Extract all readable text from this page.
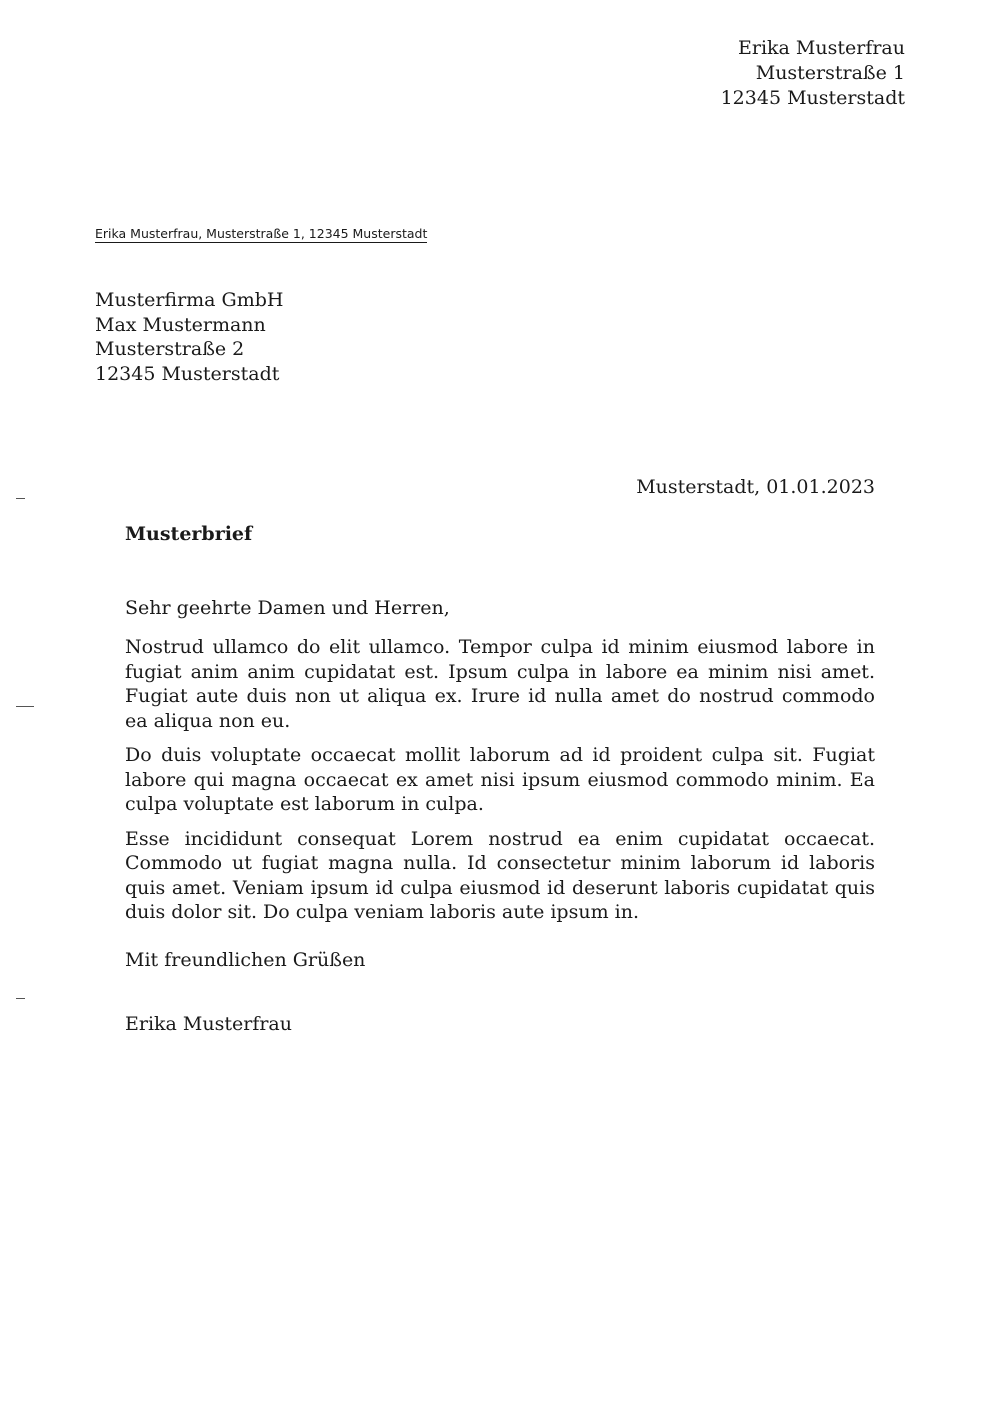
Erika Musterfrau
Musterstraße 1
12345 Musterstadt
Erika Musterfrau, Musterstraße 1, 12345 Musterstadt
Musterfirma GmbH
Max Mustermann
Musterstraße 2
12345 Musterstadt
Musterstadt, 01.01.2023
Musterbrief
Sehr geehrte Damen und Herren,
Nostrud ullamco do elit ullamco. Tempor culpa id minim eiusmod labore in fugiat anim anim cupidatat est. Ipsum culpa in labore ea minim nisi amet. Fugiat aute duis non ut aliqua ex. Irure id nulla amet do nostrud commodo ea aliqua non eu.
Do duis voluptate occaecat mollit laborum ad id proident culpa sit. Fugiat labore qui magna occaecat ex amet nisi ipsum eiusmod commodo minim. Ea culpa voluptate est laborum in culpa.
Esse incididunt consequat Lorem nostrud ea enim cupidatat occaecat. Commodo ut fugiat magna nulla. Id consectetur minim laborum id laboris quis amet. Veniam ipsum id culpa eiusmod id deserunt laboris cupidatat quis duis dolor sit. Do culpa veniam laboris aute ipsum in.
Mit freundlichen Grüßen
Erika Musterfrau
